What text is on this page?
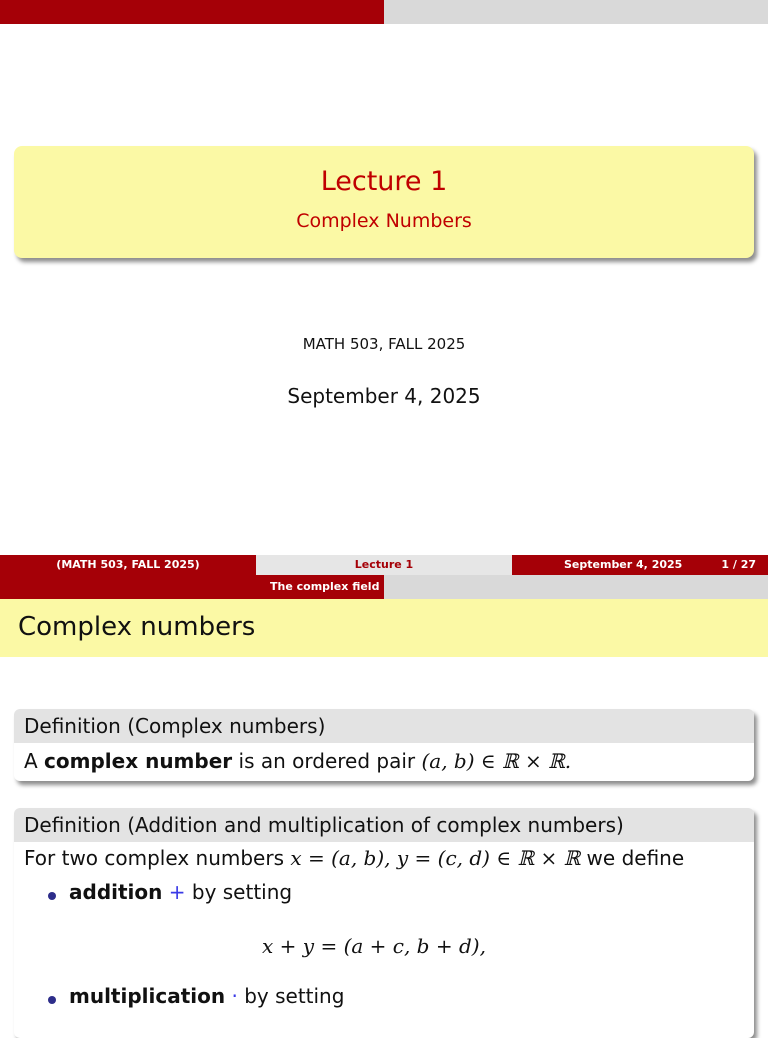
Lecture 1
Complex Numbers
MATH 503, FALL 2025
September 4, 2025
(MATH 503, FALL 2025)	Lecture 1	September 4, 2025	1 / 27
The complex field
Complex numbers
Definition (Complex numbers)
A complex number is an ordered pair (a, b) ∈ ℝ × ℝ.
Definition (Addition and multiplication of complex numbers)
For two complex numbers x = (a, b), y = (c, d) ∈ ℝ × ℝ we define
addition + by setting
x + y = (a + c, b + d),
multiplication · by setting
